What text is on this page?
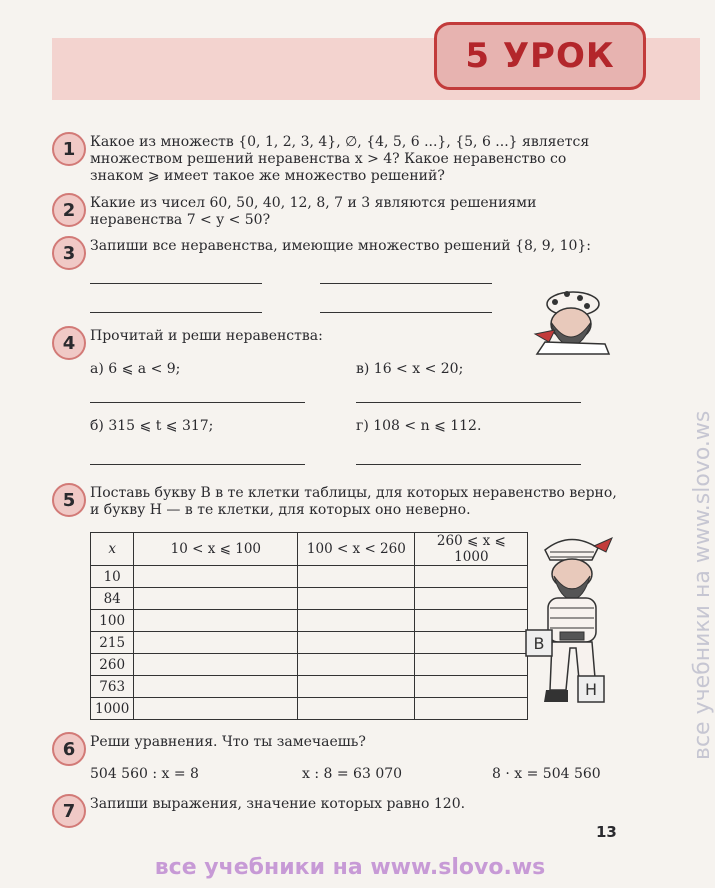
5 УРОК
1	Какое из множеств {0, 1, 2, 3, 4}, ∅, {4, 5, 6 ...}, {5, 6 ...} является множеством решений неравенства x > 4? Какое неравенство со знаком ⩾ имеет такое же множество решений?
2	Какие из чисел 60, 50, 40, 12, 8, 7 и 3 являются решениями неравенства 7 < y < 50?
3	Запиши все неравенства, имеющие множество решений {8, 9, 10}:
4	Прочитай и реши неравенства:
а) 6 ⩽ a < 9;	в) 16 < x < 20;
б) 315 ⩽ t ⩽ 317;	г) 108 < n ⩽ 112.
5	Поставь букву B в те клетки таблицы, для которых неравенство верно, и букву H — в те клетки, для которых оно неверно.
x	10 < x ⩽ 100	100 < x < 260	260 ⩽ x ⩽ 1000
10			
84			
100			
215			
260			
763			
1000			
B
H
6	Реши уравнения. Что ты замечаешь?
504 560 : x = 8	x : 8 = 63 070	8 · x = 504 560
7	Запиши выражения, значение которых равно 120.
13
все учебники на www.slovo.ws
все учебники на www.slovo.ws
